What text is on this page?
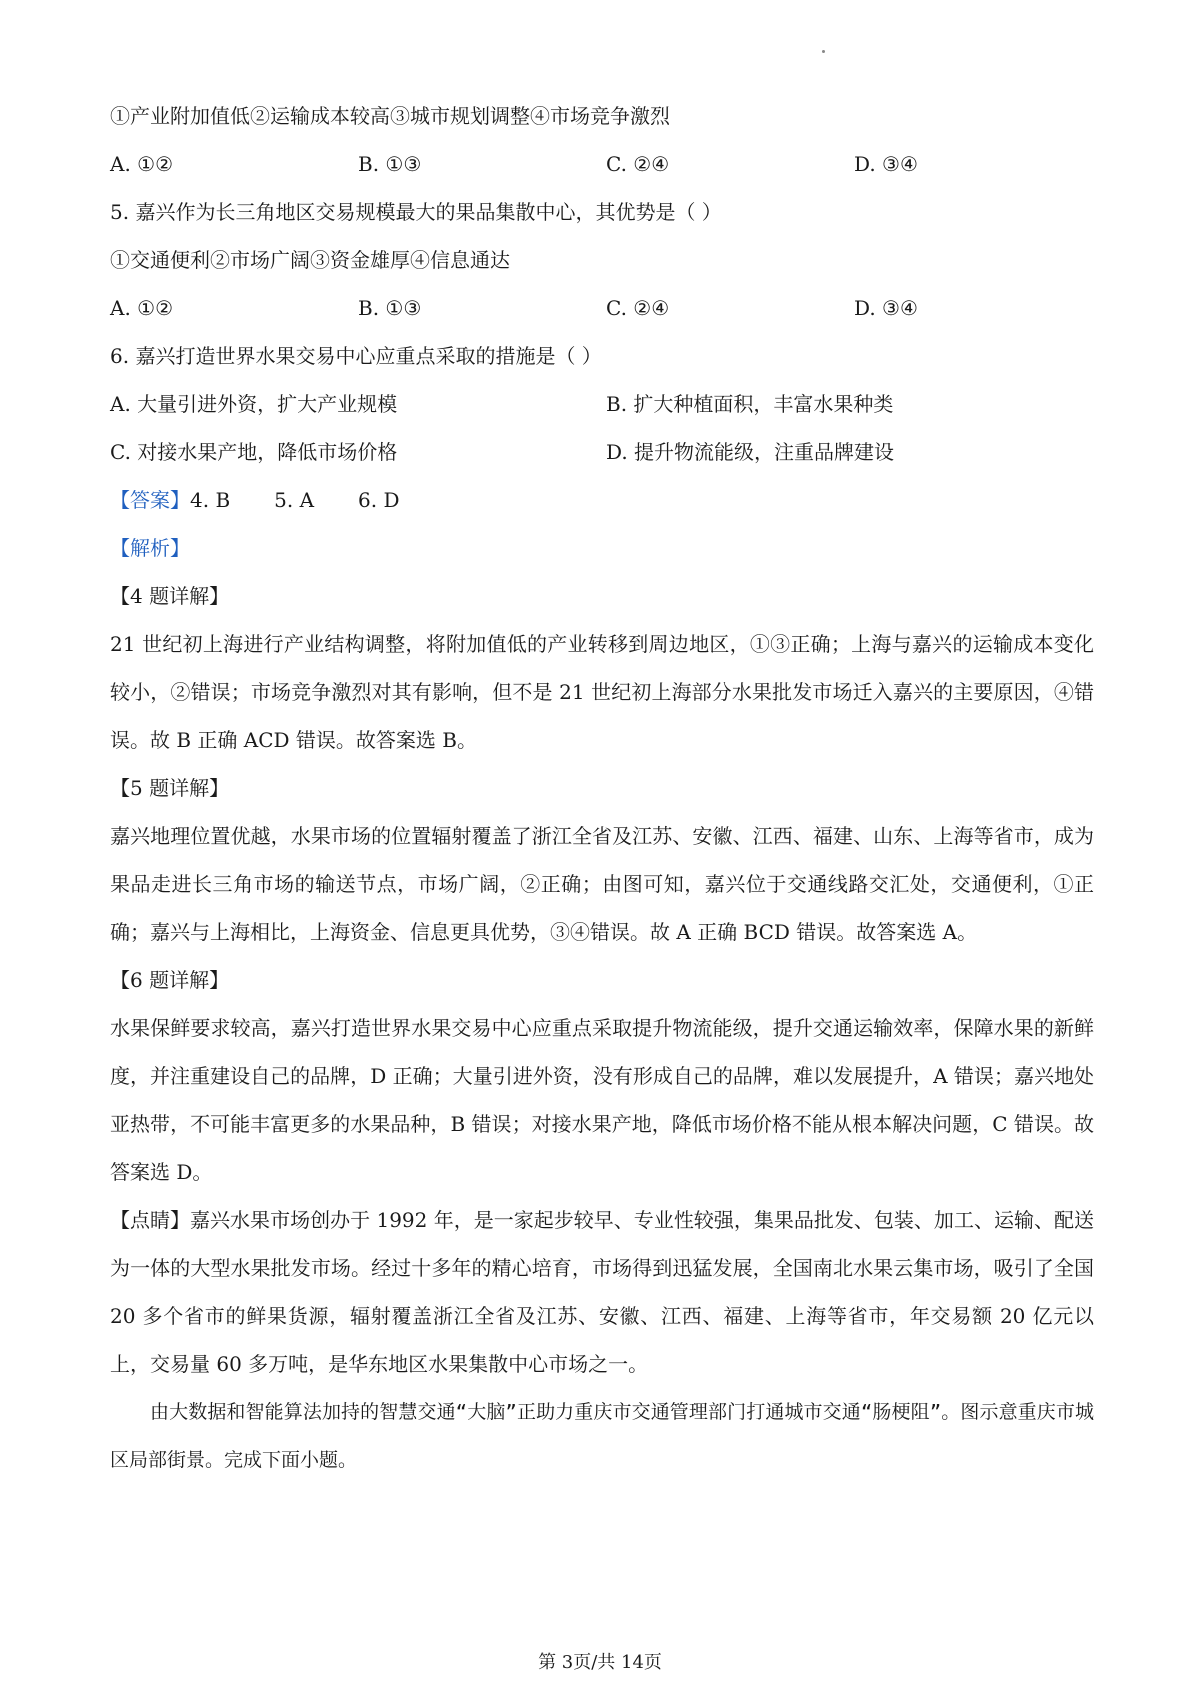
①产业附加值低②运输成本较高③城市规划调整④市场竞争激烈
A. ①②	B. ①③	C. ②④	D. ③④
5. 嘉兴作为长三角地区交易规模最大的果品集散中心，其优势是（ ）
①交通便利②市场广阔③资金雄厚④信息通达
A. ①②	B. ①③	C. ②④	D. ③④
6. 嘉兴打造世界水果交易中心应重点采取的措施是（ ）
A. 大量引进外资，扩大产业规模	B. 扩大种植面积，丰富水果种类
C. 对接水果产地，降低市场价格	D. 提升物流能级，注重品牌建设
【答案】4. B 5. A 6. D
【解析】
【4 题详解】
21 世纪初上海进行产业结构调整，将附加值低的产业转移到周边地区，①③正确；上海与嘉兴的运输成本变化较小，②错误；市场竞争激烈对其有影响，但不是 21 世纪初上海部分水果批发市场迁入嘉兴的主要原因，④错误。故 B 正确 ACD 错误。故答案选 B。
【5 题详解】
嘉兴地理位置优越，水果市场的位置辐射覆盖了浙江全省及江苏、安徽、江西、福建、山东、上海等省市，成为果品走进长三角市场的输送节点，市场广阔，②正确；由图可知，嘉兴位于交通线路交汇处，交通便利，①正确；嘉兴与上海相比，上海资金、信息更具优势，③④错误。故 A 正确 BCD 错误。故答案选 A。
【6 题详解】
水果保鲜要求较高，嘉兴打造世界水果交易中心应重点采取提升物流能级，提升交通运输效率，保障水果的新鲜度，并注重建设自己的品牌，D 正确；大量引进外资，没有形成自己的品牌，难以发展提升，A 错误；嘉兴地处亚热带，不可能丰富更多的水果品种，B 错误；对接水果产地，降低市场价格不能从根本解决问题，C 错误。故答案选 D。
【点睛】嘉兴水果市场创办于 1992 年，是一家起步较早、专业性较强，集果品批发、包装、加工、运输、配送为一体的大型水果批发市场。经过十多年的精心培育，市场得到迅猛发展，全国南北水果云集市场，吸引了全国 20 多个省市的鲜果货源，辐射覆盖浙江全省及江苏、安徽、江西、福建、上海等省市，年交易额 20 亿元以上，交易量 60 多万吨，是华东地区水果集散中心市场之一。
由大数据和智能算法加持的智慧交通“大脑”正助力重庆市交通管理部门打通城市交通“肠梗阻”。图示意重庆市城区局部街景。完成下面小题。
第 3页/共 14页
